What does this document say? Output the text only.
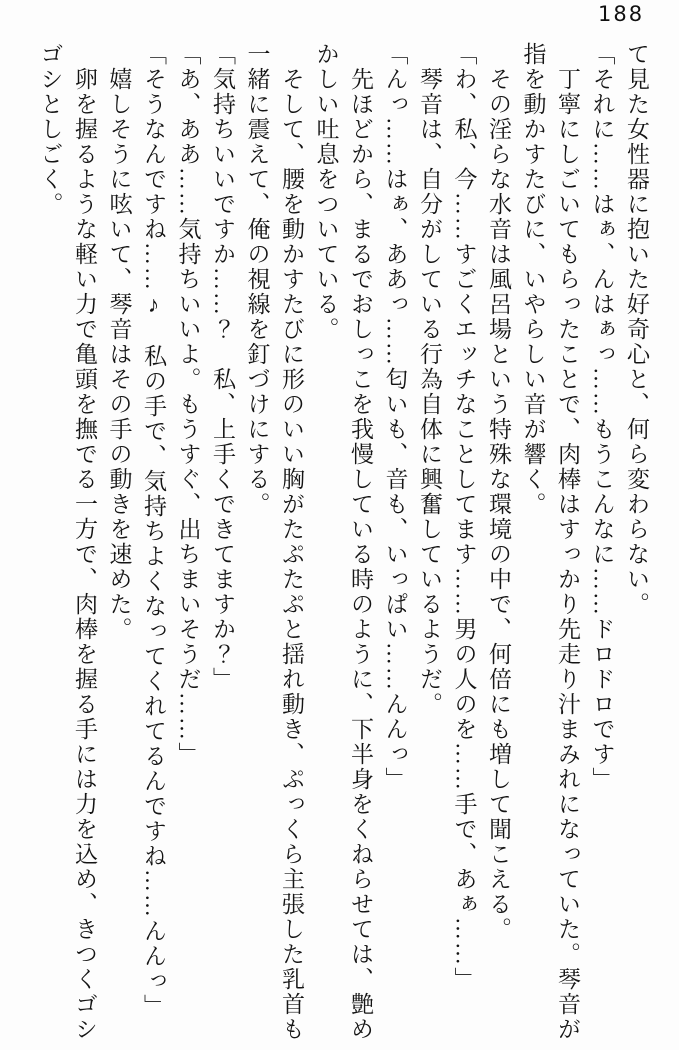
188

て見た女性器に抱いた好奇心と、何ら変わらない。

「それに……はぁ、んはぁっ……もうこんなに……ドロドロです」

丁寧にしごいてもらったことで、肉棒はすっかり先走り汁まみれになっていた。琴音が指を動かすたびに、いやらしい音が響く。

その淫らな水音は風呂場という特殊な環境の中で、何倍にも増して聞こえる。

「わ、私、今……すごくエッチなことしてます……男の人のを……手で、あぁ……」

琴音は、自分がしている行為自体に興奮しているようだ。

「んっ……はぁ、ああっ……匂いも、音も、いっぱい……んんっ」

先ほどから、まるでおしっこを我慢している時のように、下半身をくねらせては、艶めかしい吐息をついている。

そして、腰を動かすたびに形のいい胸がたぷたぷと揺れ動き、ぷっくら主張した乳首も一緒に震えて、俺の視線を釘づけにする。

「気持ちいいですか……？　私、上手くできてますか？」

「あ、ああ……気持ちいいよ。もうすぐ、出ちまいそうだ……」

「そうなんですね……♪　私の手で、気持ちよくなってくれてるんですね……んんっ」

嬉しそうに呟いて、琴音はその手の動きを速めた。

卵を握るような軽い力で亀頭を撫でる一方で、肉棒を握る手には力を込め、きつくゴシゴシとしごく。
